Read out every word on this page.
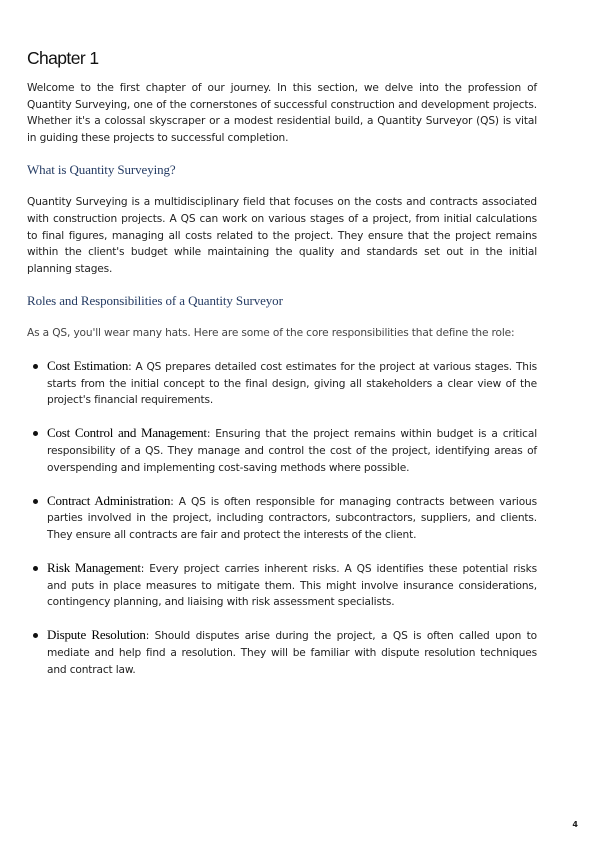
Chapter 1

Welcome to the first chapter of our journey. In this section, we delve into the profession of Quantity Surveying, one of the cornerstones of successful construction and development projects. Whether it's a colossal skyscraper or a modest residential build, a Quantity Surveyor (QS) is vital in guiding these projects to successful completion.

What is Quantity Surveying?

Quantity Surveying is a multidisciplinary field that focuses on the costs and contracts associated with construction projects. A QS can work on various stages of a project, from initial calculations to final figures, managing all costs related to the project. They ensure that the project remains within the client's budget while maintaining the quality and standards set out in the initial planning stages.

Roles and Responsibilities of a Quantity Surveyor

As a QS, you'll wear many hats. Here are some of the core responsibilities that define the role:

Cost Estimation: A QS prepares detailed cost estimates for the project at various stages. This starts from the initial concept to the final design, giving all stakeholders a clear view of the project's financial requirements.

Cost Control and Management: Ensuring that the project remains within budget is a critical responsibility of a QS. They manage and control the cost of the project, identifying areas of overspending and implementing cost-saving methods where possible.

Contract Administration: A QS is often responsible for managing contracts between various parties involved in the project, including contractors, subcontractors, suppliers, and clients. They ensure all contracts are fair and protect the interests of the client.

Risk Management: Every project carries inherent risks. A QS identifies these potential risks and puts in place measures to mitigate them. This might involve insurance considerations, contingency planning, and liaising with risk assessment specialists.

Dispute Resolution: Should disputes arise during the project, a QS is often called upon to mediate and help find a resolution. They will be familiar with dispute resolution techniques and contract law.

4
